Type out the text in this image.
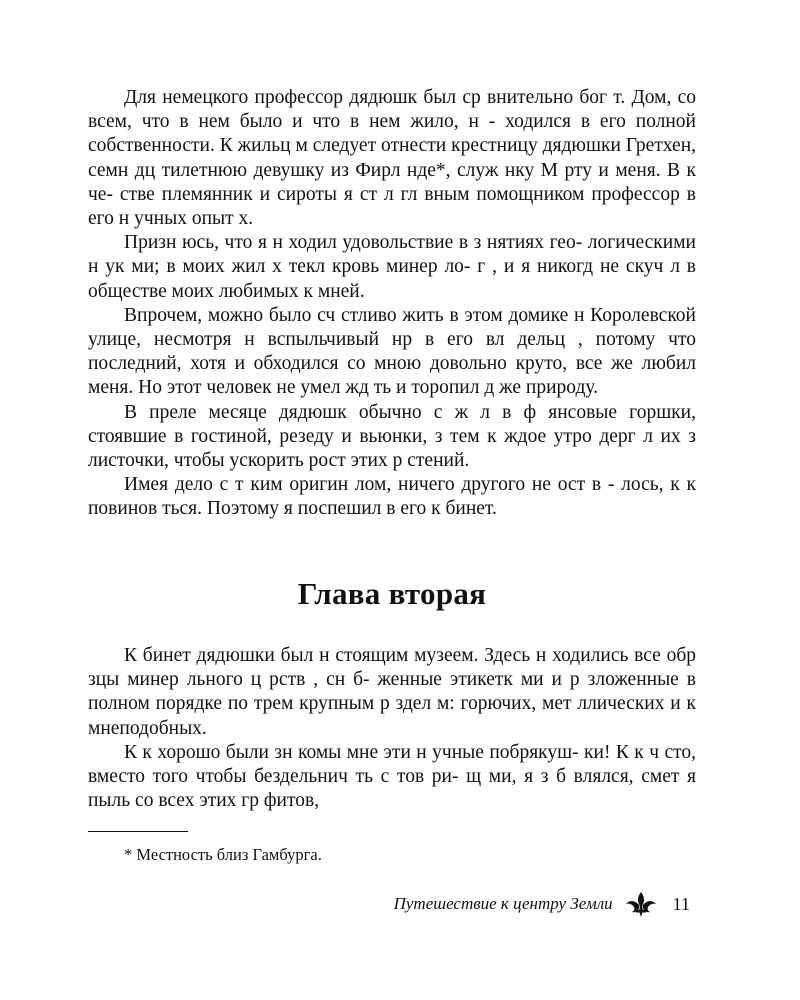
Для немецкого профессор дядюшк был ср внительно бог т. Дом, со всем, что в нем было и что в нем жило, н - ходился в его полной собственности. К жильц м следует отнести крестницу дядюшки Гретхен, семн дц тилетнюю девушку из Фирл нде*, служ нку М рту и меня. В к че- стве племянник и сироты я ст л гл вным помощником профессор в его н учных опыт х.

Призн юсь, что я н ходил удовольствие в з нятиях гео- логическими н ук ми; в моих жил х текл кровь минер ло- г , и я никогд не скуч л в обществе моих любимых к мней.

Впрочем, можно было сч стливо жить в этом домике н Королевской улице, несмотря н вспыльчивый нр в его вл дельц , потому что последний, хотя и обходился со мною довольно круто, все же любил меня. Но этот человек не умел жд ть и торопил д же природу.

В преле месяце дядюшк обычно с ж л в ф янсовые горшки, стоявшие в гостиной, резеду и вьюнки, з тем к ждое утро дерг л их з листочки, чтобы ускорить рост этих р стений.

Имея дело с т ким оригин лом, ничего другого не ост в - лось, к к повинов ться. Поэтому я поспешил в его к бинет.

Глава вторая

К бинет дядюшки был н стоящим музеем. Здесь н ходились все обр зцы минер льного ц рств , сн б- женные этикетк ми и р зложенные в полном порядке по трем крупным р здел м: горючих, мет ллических и к мнеподобных.

К к хорошо были зн комы мне эти н учные побрякуш- ки! К к ч сто, вместо того чтобы бездельнич ть с тов ри- щ ми, я з б влялся, смет я пыль со всех этих гр фитов,

* Местность близ Гамбурга.

Путешествие к центру Земли	11
